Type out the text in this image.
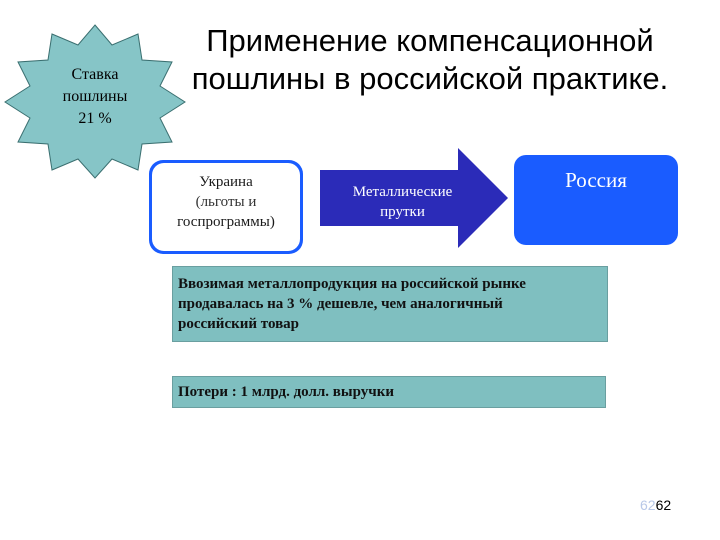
Применение компенсационной
пошлины в российской практике.
Ставка
пошлины
21 %
Украина
(льготы и
госпрограммы)
Металлические
прутки
Россия
Ввозимая металлопродукция на российской рынке
продавалась на 3 % дешевле, чем аналогичный
российский товар
Потери : 1 млрд. долл. выручки
6262
